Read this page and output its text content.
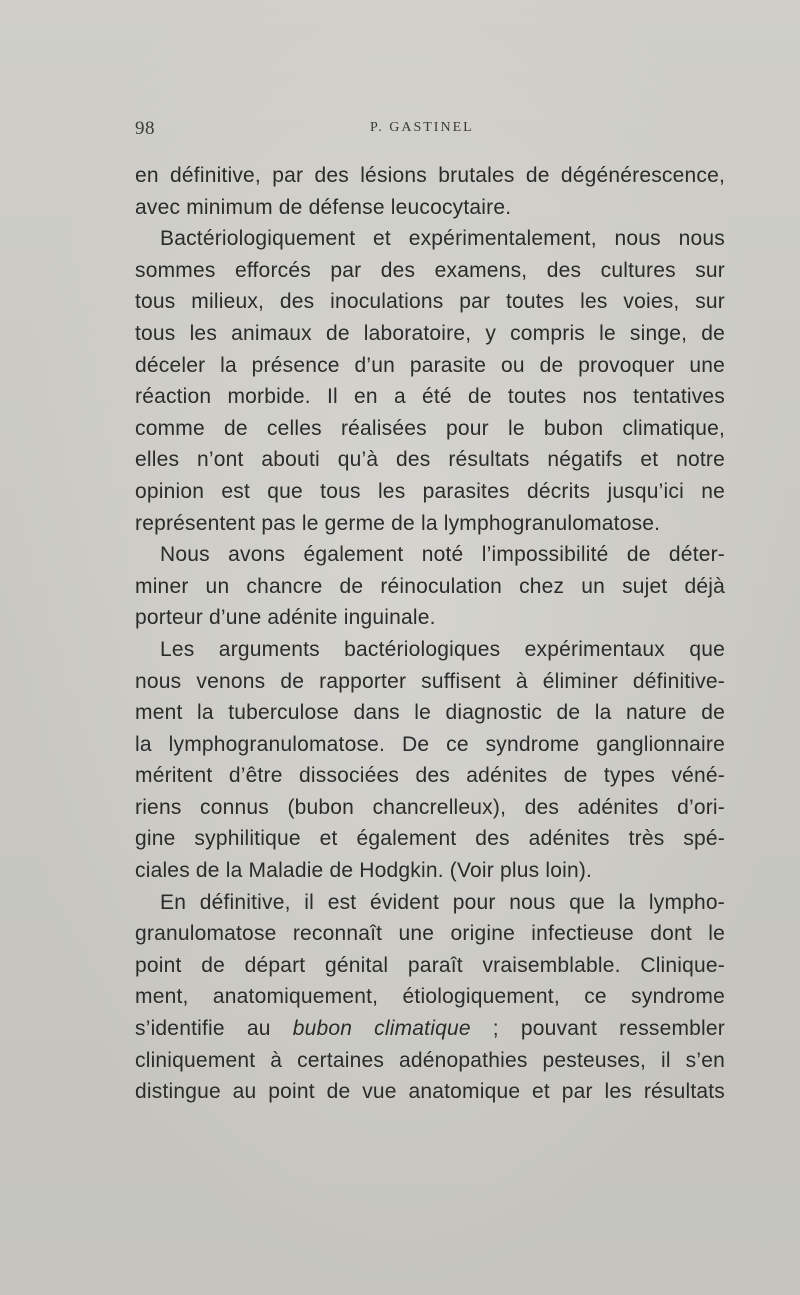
98	P. GASTINEL
en définitive, par des lésions brutales de dégénérescence,
avec minimum de défense leucocytaire.
Bactériologiquement et expérimentalement, nous nous
sommes efforcés par des examens, des cultures sur
tous milieux, des inoculations par toutes les voies, sur
tous les animaux de laboratoire, y compris le singe, de
déceler la présence d’un parasite ou de provoquer une
réaction morbide. Il en a été de toutes nos tentatives
comme de celles réalisées pour le bubon climatique,
elles n’ont abouti qu’à des résultats négatifs et notre
opinion est que tous les parasites décrits jusqu’ici ne
représentent pas le germe de la lymphogranulomatose.
Nous avons également noté l’impossibilité de déter-
miner un chancre de réinoculation chez un sujet déjà
porteur d’une adénite inguinale.
Les arguments bactériologiques expérimentaux que
nous venons de rapporter suffisent à éliminer définitive-
ment la tuberculose dans le diagnostic de la nature de
la lymphogranulomatose. De ce syndrome ganglionnaire
méritent d’être dissociées des adénites de types véné-
riens connus (bubon chancrelleux), des adénites d’ori-
gine syphilitique et également des adénites très spé-
ciales de la Maladie de Hodgkin. (Voir plus loin).
En définitive, il est évident pour nous que la lympho-
granulomatose reconnaît une origine infectieuse dont le
point de départ génital paraît vraisemblable. Clinique-
ment, anatomiquement, étiologiquement, ce syndrome
s’identifie au bubon climatique ; pouvant ressembler
cliniquement à certaines adénopathies pesteuses, il s’en
distingue au point de vue anatomique et par les résultats
